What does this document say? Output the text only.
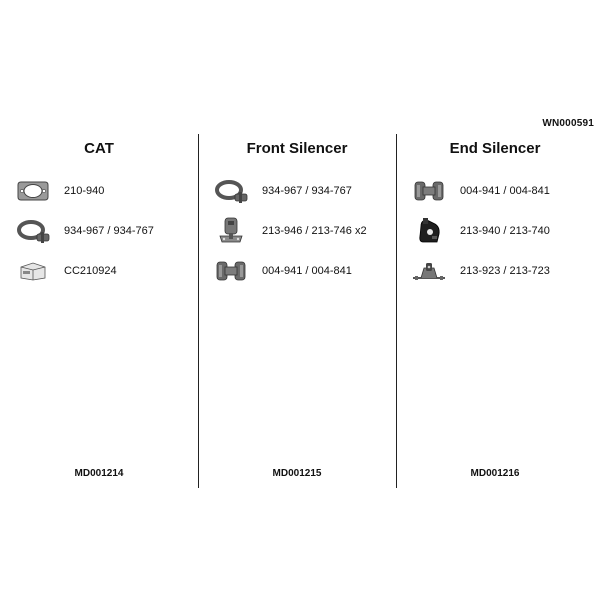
WN000591
CAT
210-940
934-967 / 934-767
CC210924
MD001214
Front Silencer
934-967 / 934-767
213-946 / 213-746 x2
004-941 / 004-841
MD001215
End Silencer
004-941 / 004-841
213-940 / 213-740
213-923 / 213-723
MD001216
